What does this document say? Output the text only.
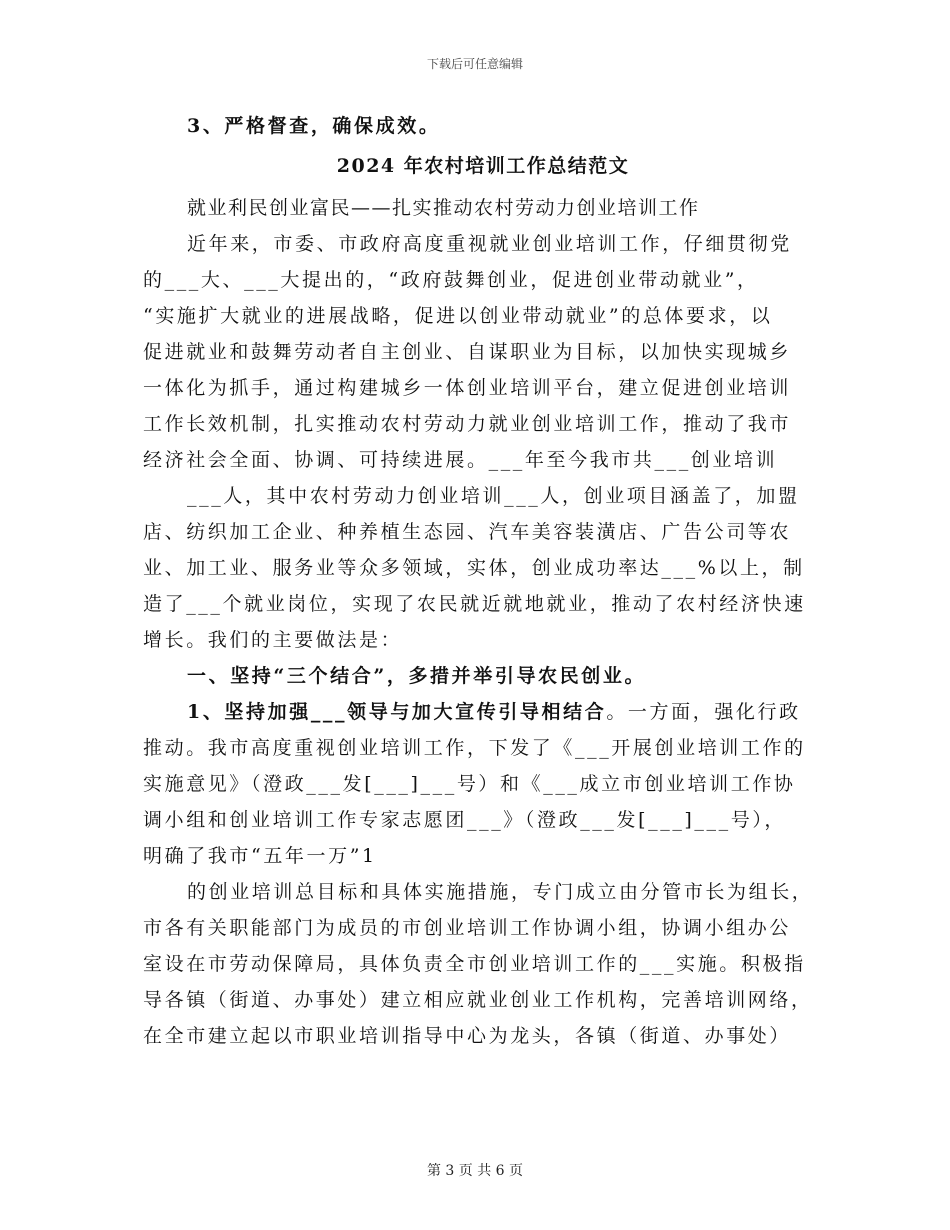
下载后可任意编辑
3、严格督查，确保成效。
2024 年农村培训工作总结范文
就业利民创业富民——扎实推动农村劳动力创业培训工作
近年来，市委、市政府高度重视就业创业培训工作，仔细贯彻党
的___大、___大提出的，“政府鼓舞创业，促进创业带动就业”，
“实施扩大就业的进展战略，促进以创业带动就业”的总体要求，以
促进就业和鼓舞劳动者自主创业、自谋职业为目标，以加快实现城乡
一体化为抓手，通过构建城乡一体创业培训平台，建立促进创业培训
工作长效机制，扎实推动农村劳动力就业创业培训工作，推动了我市
经济社会全面、协调、可持续进展。___年至今我市共___创业培训
___人，其中农村劳动力创业培训___人，创业项目涵盖了，加盟
店、纺织加工企业、种养植生态园、汽车美容装潢店、广告公司等农
业、加工业、服务业等众多领域，实体，创业成功率达___%以上，制
造了___个就业岗位，实现了农民就近就地就业，推动了农村经济快速
增长。我们的主要做法是：
一、坚持“三个结合”，多措并举引导农民创业。
1、坚持加强___领导与加大宣传引导相结合。一方面，强化行政
推动。我市高度重视创业培训工作，下发了《___开展创业培训工作的
实施意见》（澄政___发[___]___号）和《___成立市创业培训工作协
调小组和创业培训工作专家志愿团___》（澄政___发[___]___号），
明确了我市“五年一万”1
的创业培训总目标和具体实施措施，专门成立由分管市长为组长，
市各有关职能部门为成员的市创业培训工作协调小组，协调小组办公
室设在市劳动保障局，具体负责全市创业培训工作的___实施。积极指
导各镇（街道、办事处）建立相应就业创业工作机构，完善培训网络，
在全市建立起以市职业培训指导中心为龙头，各镇（街道、办事处）
第 3 页 共 6 页
